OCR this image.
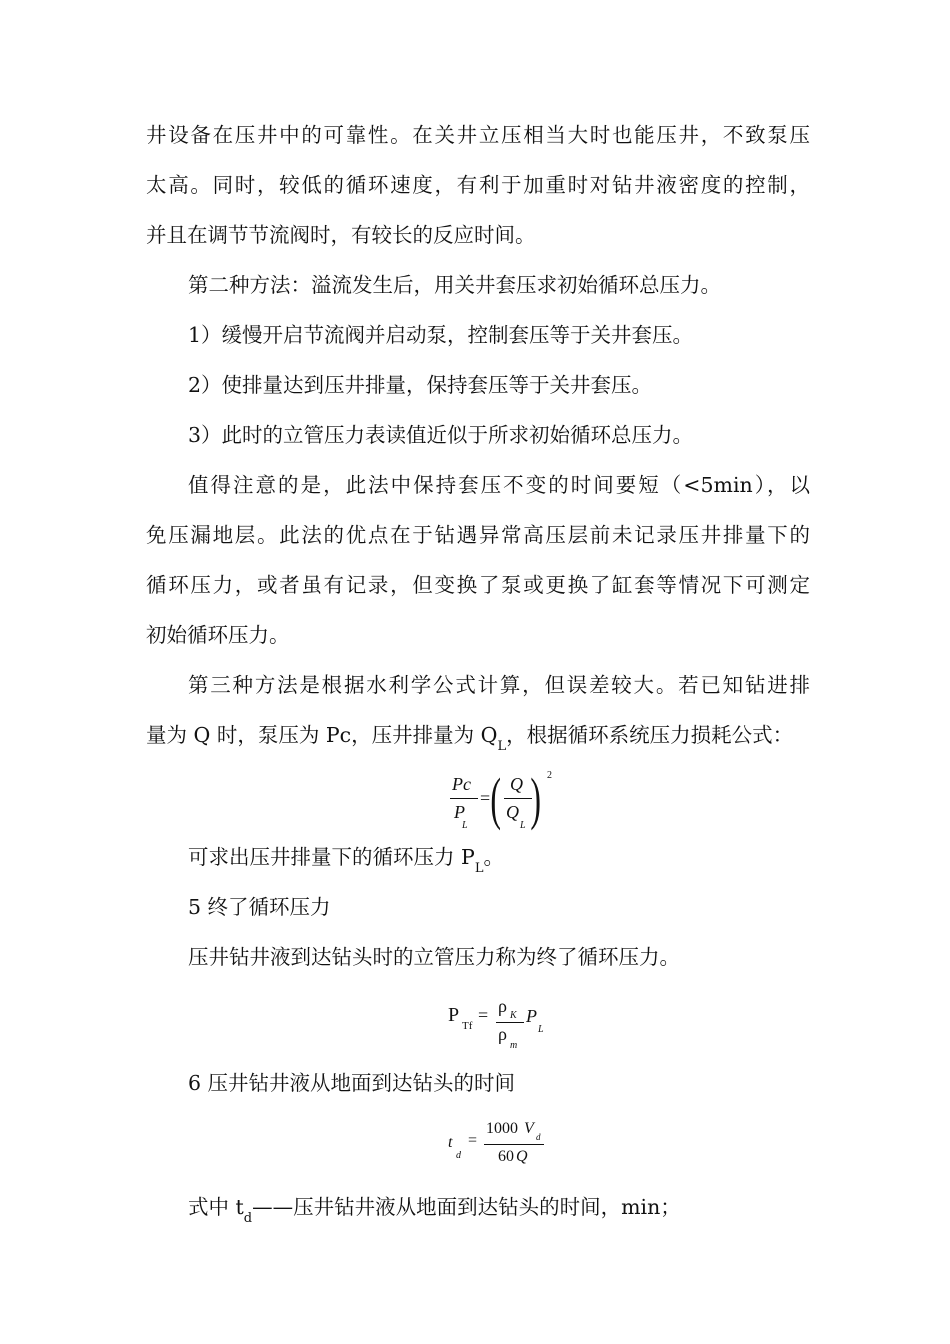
井设备在压井中的可靠性。在关井立压相当大时也能压井，不致泵压
太高。同时，较低的循环速度，有利于加重时对钻井液密度的控制，
并且在调节节流阀时，有较长的反应时间。
第二种方法：溢流发生后，用关井套压求初始循环总压力。
1）缓慢开启节流阀并启动泵，控制套压等于关井套压。
2）使排量达到压井排量，保持套压等于关井套压。
3）此时的立管压力表读值近似于所求初始循环总压力。
值得注意的是，此法中保持套压不变的时间要短（<5min），以
免压漏地层。此法的优点在于钻遇异常高压层前未记录压井排量下的
循环压力，或者虽有记录，但变换了泵或更换了缸套等情况下可测定
初始循环压力。
第三种方法是根据水利学公式计算，但误差较大。若已知钻进排
量为 Q 时，泵压为 Pc，压井排量为 $Q_L$，根据循环系统压力损耗公式：
Pc
P
L
= ( Q
Q
L ) 2
可求出压井排量下的循环压力 $P_L$。
5 终了循环压力
压井钻井液到达钻头时的立管压力称为终了循环压力。
P Tf
= ρ K
ρ
m
P
L
6 压井钻井液从地面到达钻头的时间
t
d
=
1000 V d
60 Q
式中 $t_d——$压井钻井液从地面到达钻头的时间，min；
